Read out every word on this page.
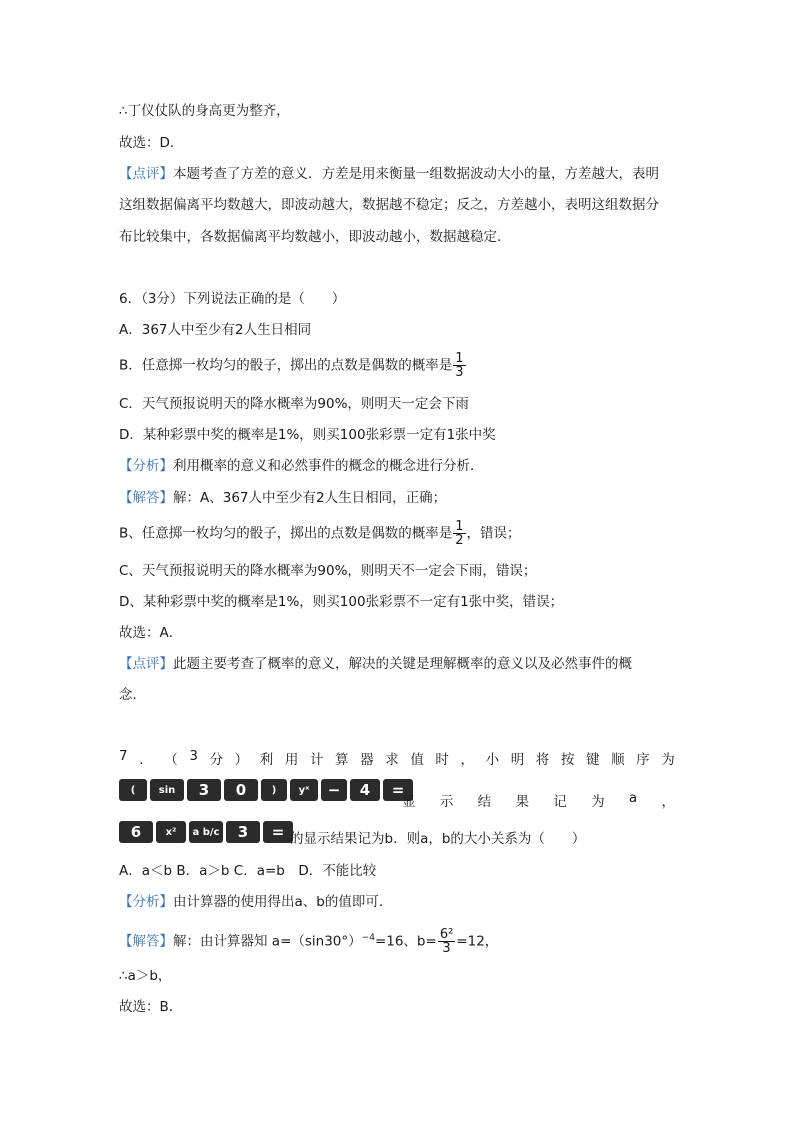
∴丁仪仗队的身高更为整齐，
故选：D．
【点评】本题考查了方差的意义．方差是用来衡量一组数据波动大小的量，方差越大，表明
这组数据偏离平均数越大，即波动越大，数据越不稳定；反之，方差越小，表明这组数据分
布比较集中，各数据偏离平均数越小，即波动越小，数据越稳定．
6．（3分）下列说法正确的是（　　）
A．367人中至少有2人生日相同
B．任意掷一枚均匀的骰子，掷出的点数是偶数的概率是 $\frac{1}{3}$
C．天气预报说明天的降水概率为90%，则明天一定会下雨
D．某种彩票中奖的概率是1%，则买100张彩票一定有1张中奖
【分析】利用概率的意义和必然事件的概念的概念进行分析．
【解答】解：A、367人中至少有2人生日相同，正确；
B、任意掷一枚均匀的骰子，掷出的点数是偶数的概率是 $\frac{1}{2}$ ，错误；
C、天气预报说明天的降水概率为90%，则明天不一定会下雨，错误；
D、某种彩票中奖的概率是1%，则买100张彩票不一定有1张中奖，错误；
故选：A．
【点评】此题主要考查了概率的意义，解决的关键是理解概率的意义以及必然事件的概
念．
7 ． （ 3 分 ） 利 用 计 算 器 求 值 时 ， 小 明 将 按 键 顺 序 为
(	sin	3	0	)	yˣ	−	4	=
显 示 结 果 记 为 a ，
6	x²	a b/c	3	= 的显示结果记为b．则a，b的大小关系为（　　）
A．a＜b B．a＞b C．a=b　D．不能比较
【分析】由计算器的使用得出a、b的值即可．
【解答】解：由计算器知 $a=(\sin 30^\circ)^{-4}=16$、$b= \frac{\text{6²}}{3} =12$，
∴a＞b，
故选：B．
